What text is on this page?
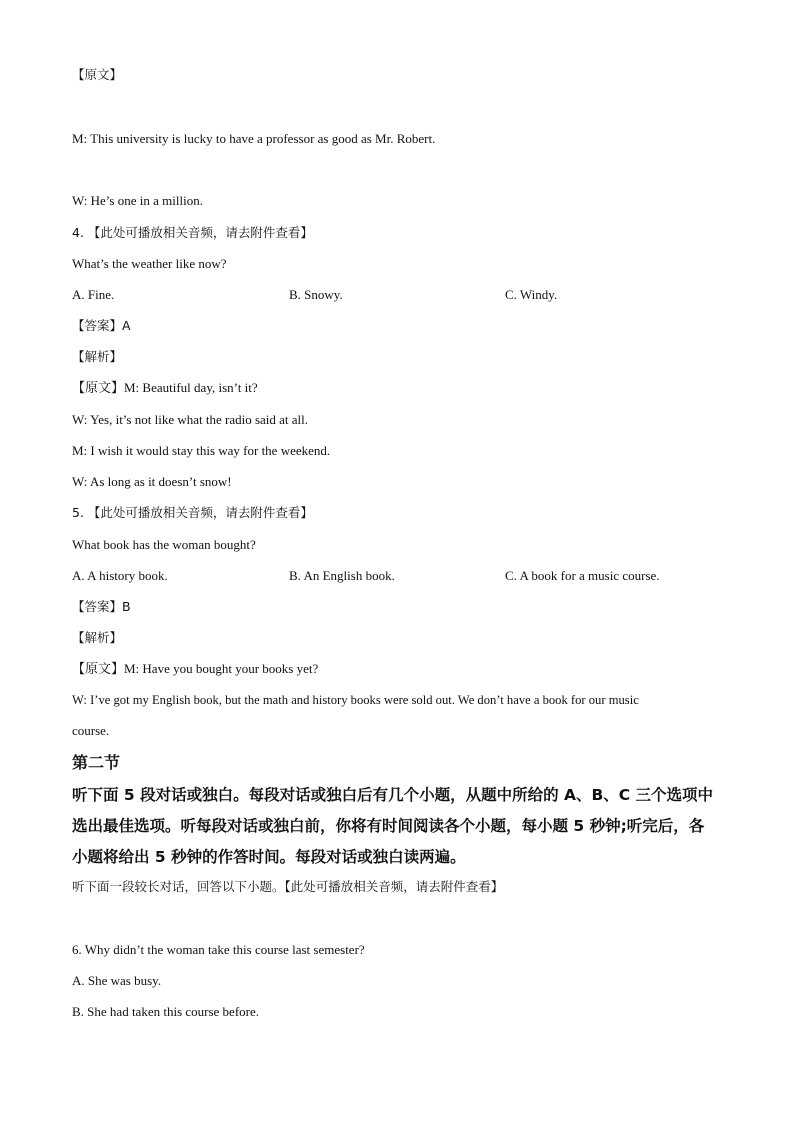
【原文】
M: This university is lucky to have a professor as good as Mr. Robert.
W: He’s one in a million.
4. 【此处可播放相关音频，请去附件查看】
What’s the weather like now?
A. Fine.	B. Snowy.	C. Windy.
【答案】A
【解析】
【原文】M: Beautiful day, isn’t it?
W: Yes, it’s not like what the radio said at all.
M: I wish it would stay this way for the weekend.
W: As long as it doesn’t snow!
5. 【此处可播放相关音频，请去附件查看】
What book has the woman bought?
A. A history book.	B. An English book.	C. A book for a music course.
【答案】B
【解析】
【原文】M: Have you bought your books yet?
W: I’ve got my English book, but the math and history books were sold out. We don’t have a book for our music
course.
第二节
听下面 5 段对话或独白。每段对话或独白后有几个小题，从题中所给的 A、B、C 三个选项中
选出最佳选项。听每段对话或独白前，你将有时间阅读各个小题，每小题 5 秒钟;听完后，各
小题将给出 5 秒钟的作答时间。每段对话或独白读两遍。
听下面一段较长对话，回答以下小题。【此处可播放相关音频，请去附件查看】
6. Why didn’t the woman take this course last semester?
A. She was busy.
B. She had taken this course before.
